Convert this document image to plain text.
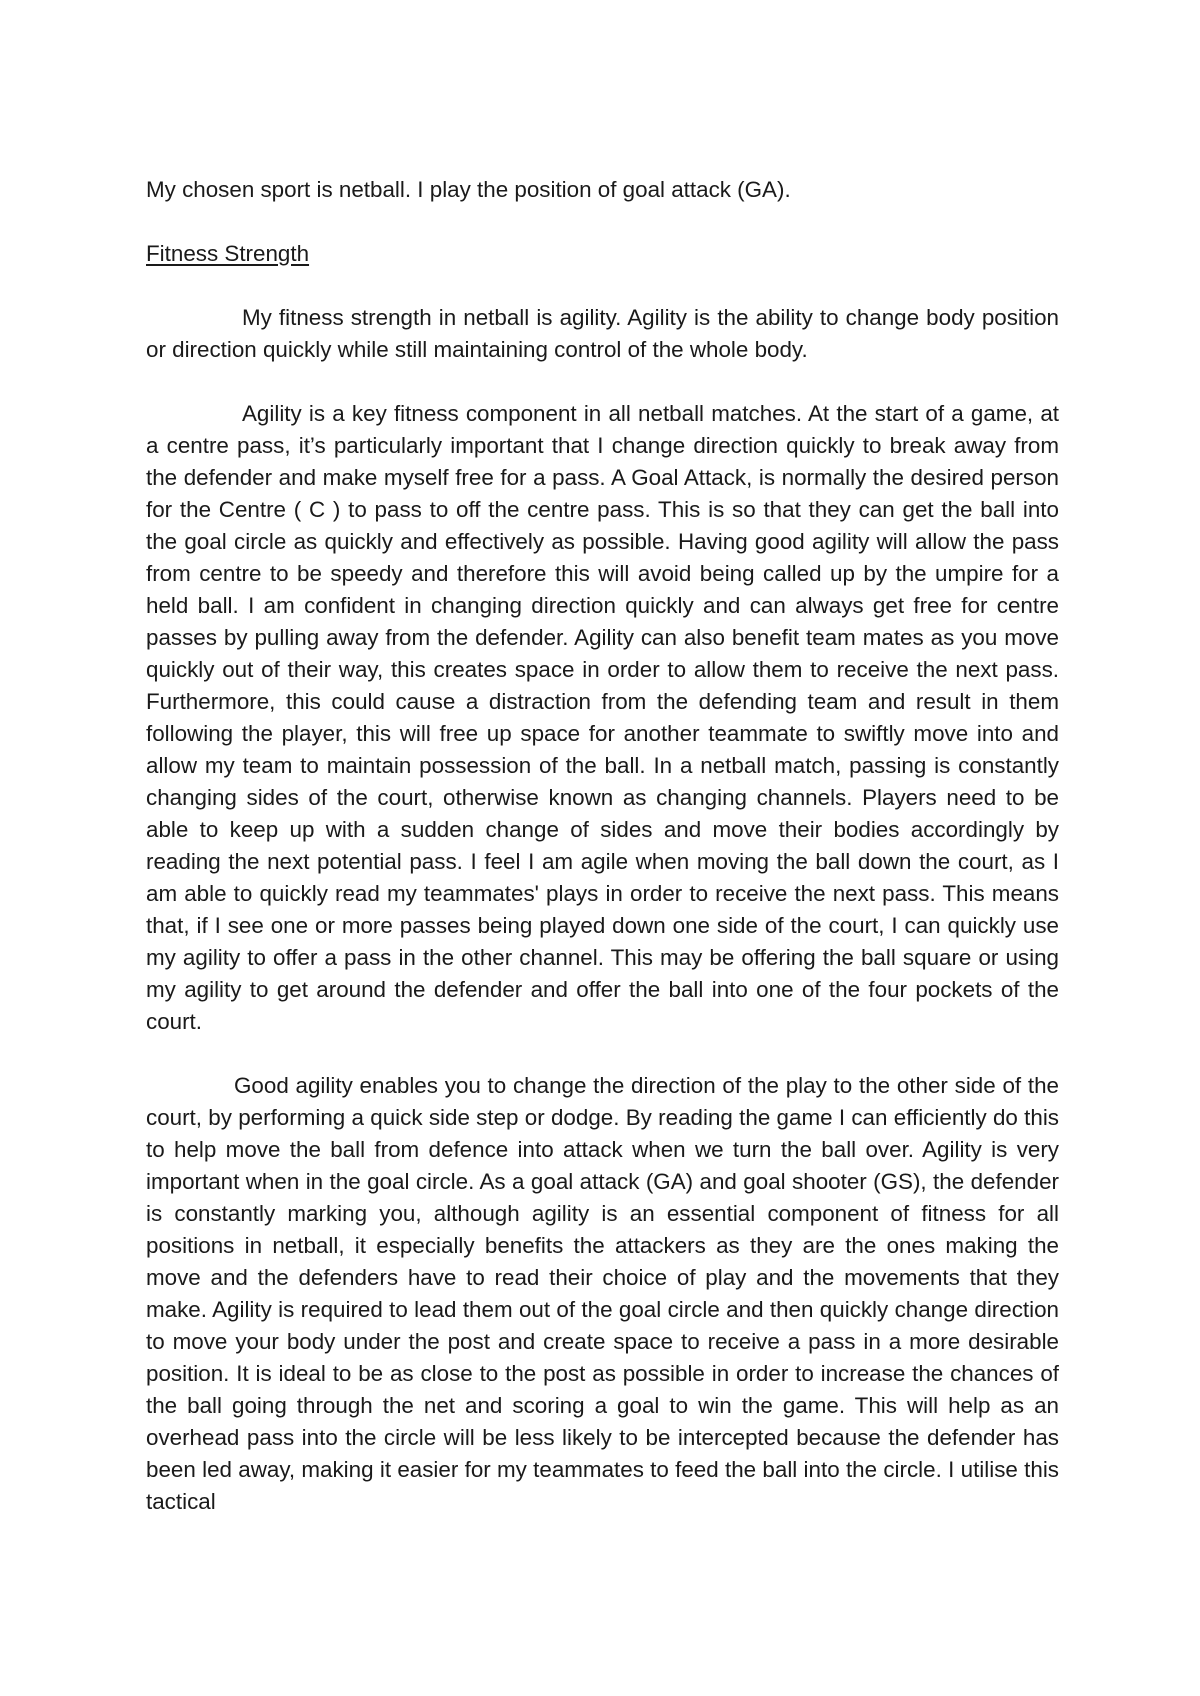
My chosen sport is netball. I play the position of goal attack (GA).

Fitness Strength

My fitness strength in netball is agility. Agility is the ability to change body position or direction quickly while still maintaining control of the whole body.

Agility is a key fitness component in all netball matches. At the start of a game, at a centre pass, it’s particularly important that I change direction quickly to break away from the defender and make myself free for a pass. A Goal Attack, is normally the desired person for the Centre ( C ) to pass to off the centre pass. This is so that they can get the ball into the goal circle as quickly and effectively as possible. Having good agility will allow the pass from centre to be speedy and therefore this will avoid being called up by the umpire for a held ball. I am confident in changing direction quickly and can always get free for centre passes by pulling away from the defender. Agility can also benefit team mates as you move quickly out of their way, this creates space in order to allow them to receive the next pass. Furthermore, this could cause a distraction from the defending team and result in them following the player, this will free up space for another teammate to swiftly move into and allow my team to maintain possession of the ball. In a netball match, passing is constantly changing sides of the court, otherwise known as changing channels. Players need to be able to keep up with a sudden change of sides and move their bodies accordingly by reading the next potential pass. I feel I am agile when moving the ball down the court, as I am able to quickly read my teammates' plays in order to receive the next pass. This means that, if I see one or more passes being played down one side of the court, I can quickly use my agility to offer a pass in the other channel. This may be offering the ball square or using my agility to get around the defender and offer the ball into one of the four pockets of the court.

Good agility enables you to change the direction of the play to the other side of the court, by performing a quick side step or dodge. By reading the game I can efficiently do this to help move the ball from defence into attack when we turn the ball over. Agility is very important when in the goal circle. As a goal attack (GA) and goal shooter (GS), the defender is constantly marking you, although agility is an essential component of fitness for all positions in netball, it especially benefits the attackers as they are the ones making the move and the defenders have to read their choice of play and the movements that they make. Agility is required to lead them out of the goal circle and then quickly change direction to move your body under the post and create space to receive a pass in a more desirable position. It is ideal to be as close to the post as possible in order to increase the chances of the ball going through the net and scoring a goal to win the game. This will help as an overhead pass into the circle will be less likely to be intercepted because the defender has been led away, making it easier for my teammates to feed the ball into the circle. I utilise this tactical
